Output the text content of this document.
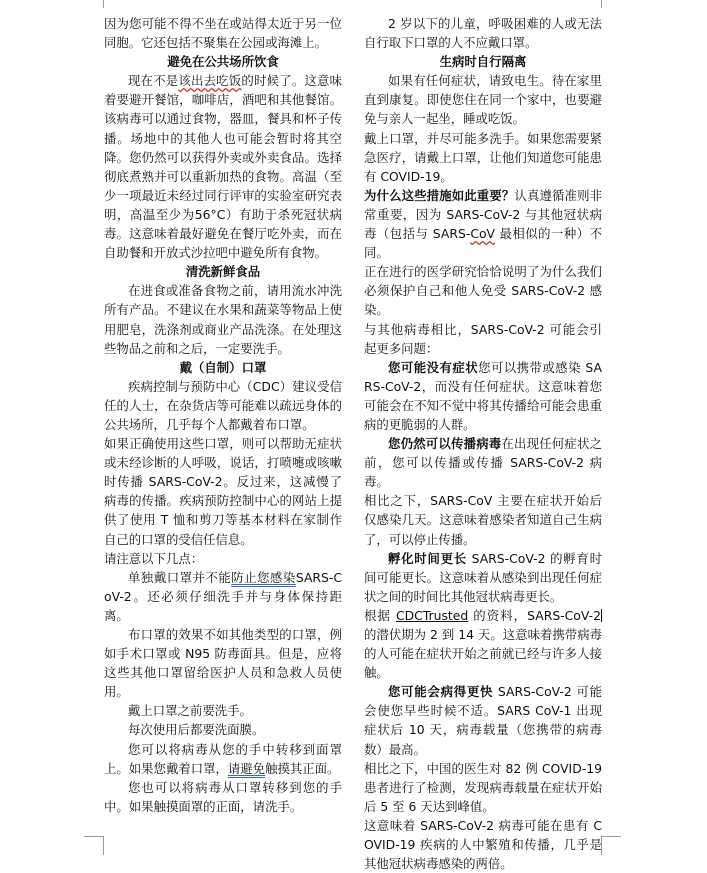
因为您可能不得不坐在或站得太近于另一位同胞。它还包括不聚集在公园或海滩上。

避免在公共场所饮食

现在不是该出去吃饭的时候了。这意味着要避开餐馆，咖啡店，酒吧和其他餐馆。该病毒可以通过食物，器皿，餐具和杯子传播。场地中的其他人也可能会暂时将其空降。您仍然可以获得外卖或外卖食品。选择彻底煮熟并可以重新加热的食物。高温（至少一项最近未经过同行评审的实验室研究表明，高温至少为56°C）有助于杀死冠状病毒。这意味着最好避免在餐厅吃外卖，而在自助餐和开放式沙拉吧中避免所有食物。

清洗新鲜食品

在进食或准备食物之前，请用流水冲洗所有产品。不建议在水果和蔬菜等物品上使用肥皂，洗涤剂或商业产品洗涤。在处理这些物品之前和之后，一定要洗手。

戴（自制）口罩

疾病控制与预防中心（CDC）建议受信任的人士，在杂货店等可能难以疏远身体的公共场所，几乎每个人都戴着布口罩。

如果正确使用这些口罩，则可以帮助无症状或未经诊断的人呼吸，说话，打喷嚏或咳嗽时传播 SARS-CoV-2。反过来，这减慢了病毒的传播。疾病预防控制中心的网站上提供了使用 T 恤和剪刀等基本材料在家制作自己的口罩的受信任信息。

请注意以下几点：

单独戴口罩并不能防止您感染SARS-CoV-2。还必须仔细洗手并与身体保持距离。

布口罩的效果不如其他类型的口罩，例如手术口罩或 N95 防毒面具。但是，应将这些其他口罩留给医护人员和急救人员使用。

戴上口罩之前要洗手。

每次使用后都要洗面膜。

您可以将病毒从您的手中转移到面罩上。如果您戴着口罩，请避免触摸其正面。

您也可以将病毒从口罩转移到您的手中。如果触摸面罩的正面，请洗手。

2 岁以下的儿童，呼吸困难的人或无法自行取下口罩的人不应戴口罩。

生病时自行隔离

如果有任何症状，请致电生。待在家里直到康复。即使您住在同一个家中，也要避免与亲人一起坐，睡或吃饭。

戴上口罩，并尽可能多洗手。如果您需要紧急医疗，请戴上口罩，让他们知道您可能患有 COVID-19。

为什么这些措施如此重要？认真遵循准则非常重要，因为 SARS-CoV-2 与其他冠状病毒（包括与 SARS-CoV 最相似的一种）不同。

正在进行的医学研究恰恰说明了为什么我们必须保护自己和他人免受 SARS-CoV-2 感染。

与其他病毒相比，SARS-CoV-2 可能会引起更多问题：

您可能没有症状您可以携带或感染 SARS-CoV-2，而没有任何症状。这意味着您可能会在不知不觉中将其传播给可能会患重病的更脆弱的人群。

您仍然可以传播病毒在出现任何症状之前，您可以传播或传播 SARS-CoV-2 病毒。

相比之下，SARS-CoV 主要在症状开始后仅感染几天。这意味着感染者知道自己生病了，可以停止传播。

孵化时间更长 SARS-CoV-2 的孵育时间可能更长。这意味着从感染到出现任何症状之间的时间比其他冠状病毒更长。

根据 CDCTrusted 的资料，SARS-CoV-2的潜伏期为 2 到 14 天。这意味着携带病毒的人可能在症状开始之前就已经与许多人接触。

您可能会病得更快 SARS-CoV-2 可能会使您早些时候不适。SARS CoV-1 出现症状后 10 天，病毒载量（您携带的病毒数）最高。

相比之下，中国的医生对 82 例 COVID-19 患者进行了检测，发现病毒载量在症状开始后 5 至 6 天达到峰值。

这意味着 SARS-CoV-2 病毒可能在患有 COVID-19 疾病的人中繁殖和传播，几乎是其他冠状病毒感染的两倍。
